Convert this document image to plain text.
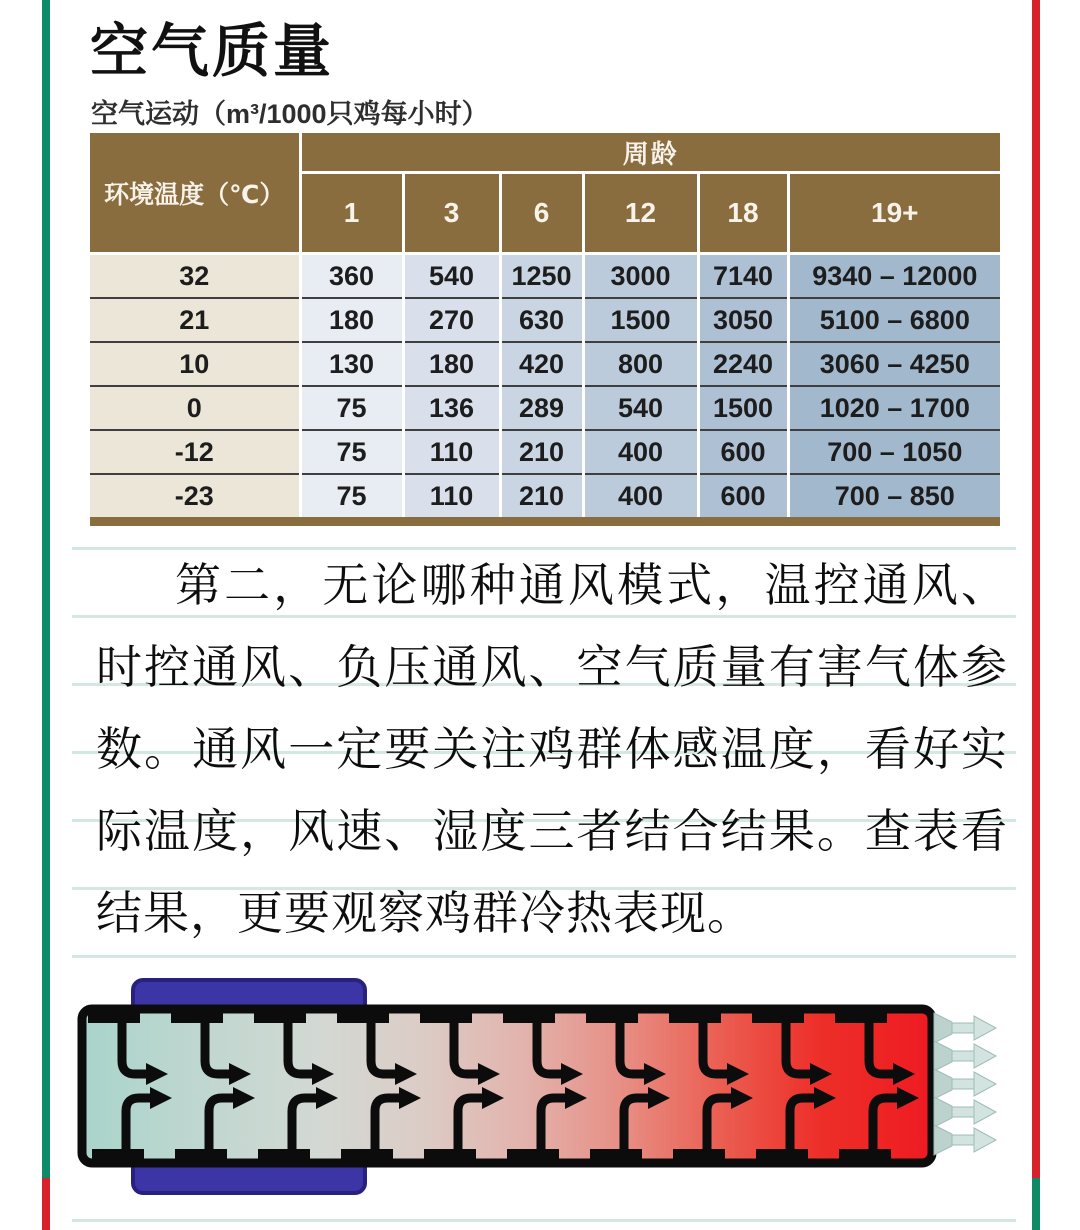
空气质量
空气运动（m³/1000只鸡每小时）
环境温度（℃）	周龄					
	1	3	6	12	18	19+
32	360	540	1250	3000	7140	9340 – 12000
21	180	270	630	1500	3050	5100 – 6800
10	130	180	420	800	2240	3060 – 4250
0	75	136	289	540	1500	1020 – 1700
-12	75	110	210	400	600	700 – 1050
-23	75	110	210	400	600	700 – 850
第二，无论哪种通风模式，温控通风、
时控通风、负压通风、空气质量有害气体参
数。通风一定要关注鸡群体感温度，看好实
际温度，风速、湿度三者结合结果。查表看
结果，更要观察鸡群冷热表现。
